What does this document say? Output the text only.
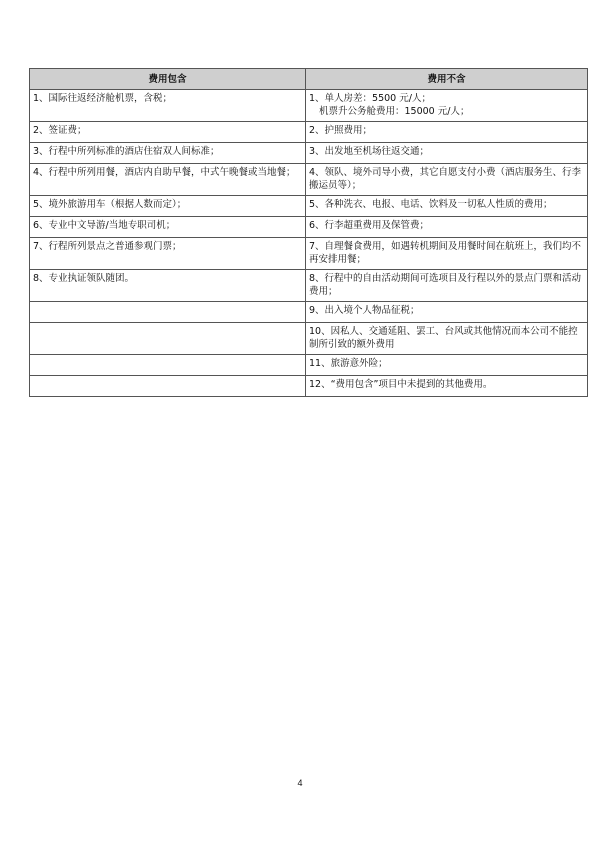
费用包含	费用不含

1、国际往返经济舱机票，含税；	1、单人房差：5500 元/人；
机票升公务舱费用：15000 元/人；

2、签证费；	2、护照费用；

3、行程中所列标准的酒店住宿双人间标准；	3、出发地至机场往返交通；

4、行程中所列用餐，酒店内自助早餐，中式午晚餐或当地餐；	4、领队、境外司导小费，其它自愿支付小费（酒店服务生、行李搬运员等）；

5、境外旅游用车（根据人数而定）；	5、各种洗衣、电报、电话、饮料及一切私人性质的费用；

6、专业中文导游/当地专职司机；	6、行李超重费用及保管费；

7、行程所列景点之普通参观门票；	7、自理餐食费用，如遇转机期间及用餐时间在航班上，我们均不再安排用餐；

8、专业执证领队随团。	8、行程中的自由活动期间可选项目及行程以外的景点门票和活动费用；

	9、出入境个人物品征税；

	10、因私人、交通延阻、罢工、台风或其他情况而本公司不能控制所引致的额外费用

	11、旅游意外险；

	12、“费用包含”项目中未提到的其他费用。
4
